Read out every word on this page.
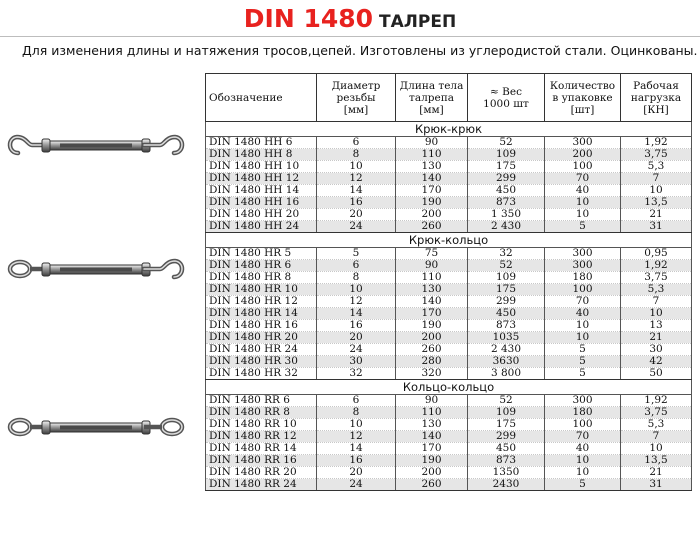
DIN 1480 ТАЛРЕП
Для изменения длины и натяжения тросов,цепей. Изготовлены из углеродистой стали. Оцинкованы.
Обозначение	Диаметр
резьбы
[мм]	Длина тела
талрепа
[мм]	≈ Вес
1000 шт	Количество
в упаковке
[шт]	Рабочая
нагрузка
[КН]
Крюк-крюк					
DIN 1480 HH 6	6	90	52	300	1,92
DIN 1480 HH 8	8	110	109	200	3,75
DIN 1480 HH 10	10	130	175	100	5,3
DIN 1480 HH 12	12	140	299	70	7
DIN 1480 HH 14	14	170	450	40	10
DIN 1480 HH 16	16	190	873	10	13,5
DIN 1480 HH 20	20	200	1 350	10	21
DIN 1480 HH 24	24	260	2 430	5	31
Крюк-кольцо					
DIN 1480 HR 5	5	75	32	300	0,95
DIN 1480 HR 6	6	90	52	300	1,92
DIN 1480 HR 8	8	110	109	180	3,75
DIN 1480 HR 10	10	130	175	100	5,3
DIN 1480 HR 12	12	140	299	70	7
DIN 1480 HR 14	14	170	450	40	10
DIN 1480 HR 16	16	190	873	10	13
DIN 1480 HR 20	20	200	1035	10	21
DIN 1480 HR 24	24	260	2 430	5	30
DIN 1480 HR 30	30	280	3630	5	42
DIN 1480 HR 32	32	320	3 800	5	50
Кольцо-кольцо					
DIN 1480 RR 6	6	90	52	300	1,92
DIN 1480 RR 8	8	110	109	180	3,75
DIN 1480 RR 10	10	130	175	100	5,3
DIN 1480 RR 12	12	140	299	70	7
DIN 1480 RR 14	14	170	450	40	10
DIN 1480 RR 16	16	190	873	10	13,5
DIN 1480 RR 20	20	200	1350	10	21
DIN 1480 RR 24	24	260	2430	5	31
